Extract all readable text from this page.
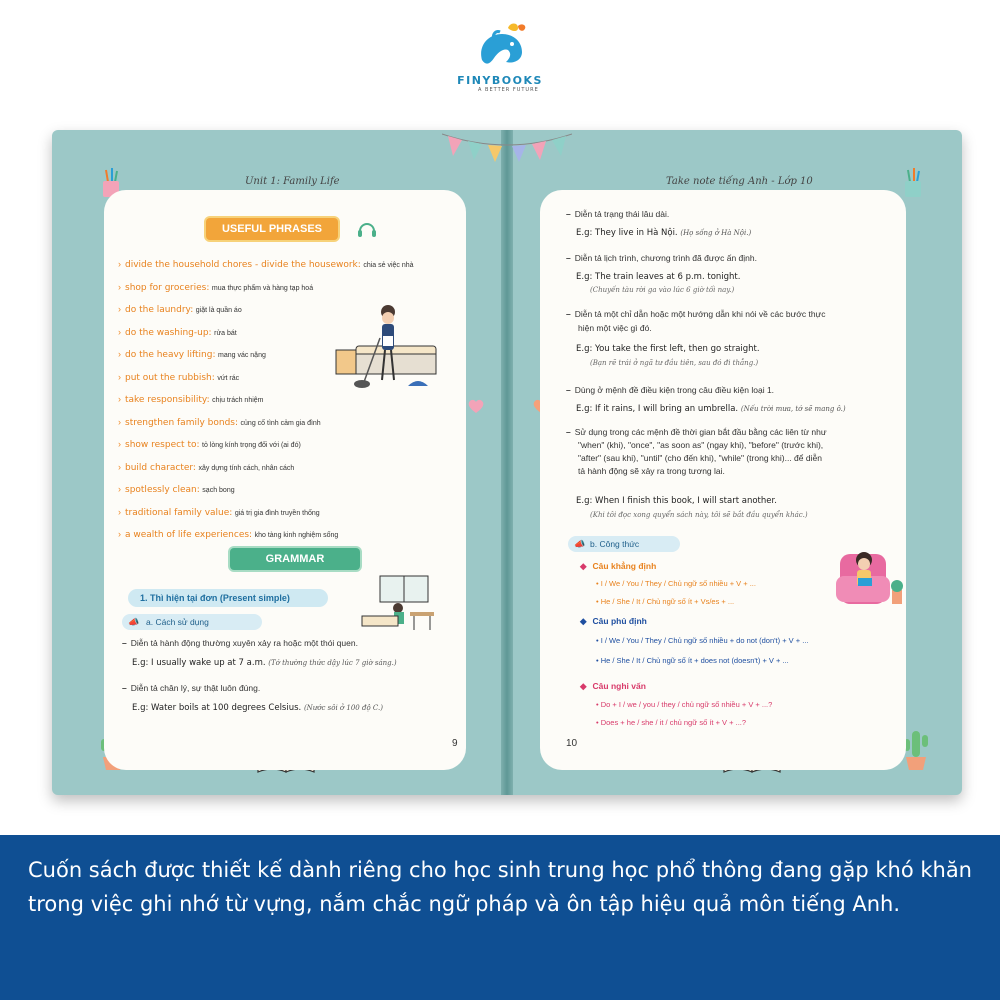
FINYBOOKS
A BETTER FUTURE
Unit 1: Family Life
USEFUL PHRASES
› divide the household chores - divide the housework: chia sẻ việc nhà
› shop for groceries: mua thực phẩm và hàng tạp hoá
› do the laundry: giặt là quần áo
› do the washing-up: rửa bát
› do the heavy lifting: mang vác nặng
› put out the rubbish: vứt rác
› take responsibility: chịu trách nhiệm
› strengthen family bonds: củng cố tình cảm gia đình
› show respect to: tỏ lòng kính trọng đối với (ai đó)
› build character: xây dựng tính cách, nhân cách
› spotlessly clean: sạch bong
› traditional family value: giá trị gia đình truyền thống
› a wealth of life experiences: kho tàng kinh nghiệm sống
GRAMMAR
1. Thì hiện tại đơn (Present simple)
📣 a. Cách sử dụng
– Diễn tả hành động thường xuyên xảy ra hoặc một thói quen.
E.g: I usually wake up at 7 a.m. (Tớ thường thức dậy lúc 7 giờ sáng.)
– Diễn tả chân lý, sự thật luôn đúng.
E.g: Water boils at 100 degrees Celsius. (Nước sôi ở 100 độ C.)
9
Take note tiếng Anh - Lớp 10
– Diễn tả trạng thái lâu dài.
E.g: They live in Hà Nội. (Họ sống ở Hà Nội.)
– Diễn tả lịch trình, chương trình đã được ấn định.
E.g: The train leaves at 6 p.m. tonight.
(Chuyến tàu rời ga vào lúc 6 giờ tối nay.)
– Diễn tả một chỉ dẫn hoặc một hướng dẫn khi nói về các bước thực
hiện một việc gì đó.
E.g: You take the first left, then go straight.
(Bạn rẽ trái ở ngã tư đầu tiên, sau đó đi thẳng.)
– Dùng ở mệnh đề điều kiện trong câu điều kiện loại 1.
E.g: If it rains, I will bring an umbrella. (Nếu trời mưa, tớ sẽ mang ô.)
– Sử dụng trong các mệnh đề thời gian bắt đầu bằng các liên từ như
"when" (khi), "once", "as soon as" (ngay khi), "before" (trước khi),
"after" (sau khi), "until" (cho đến khi), "while" (trong khi)... để diễn
tả hành động sẽ xảy ra trong tương lai.
E.g: When I finish this book, I will start another.
(Khi tôi đọc xong quyển sách này, tôi sẽ bắt đầu quyển khác.)
📣 b. Công thức
◆ Câu khẳng định
• I / We / You / They / Chủ ngữ số nhiều + V + ...
• He / She / It / Chủ ngữ số ít + Vs/es + ...
◆ Câu phủ định
• I / We / You / They / Chủ ngữ số nhiều + do not (don't) + V + ...
• He / She / It / Chủ ngữ số ít + does not (doesn't) + V + ...
◆ Câu nghi vấn
• Do + I / we / you / they / chủ ngữ số nhiều + V + ...?
• Does + he / she / it / chủ ngữ số ít + V + ...?
10

Cuốn sách được thiết kế dành riêng cho học sinh trung học phổ thông đang gặp khó khăn trong việc ghi nhớ từ vựng, nắm chắc ngữ pháp và ôn tập hiệu quả môn tiếng Anh.
